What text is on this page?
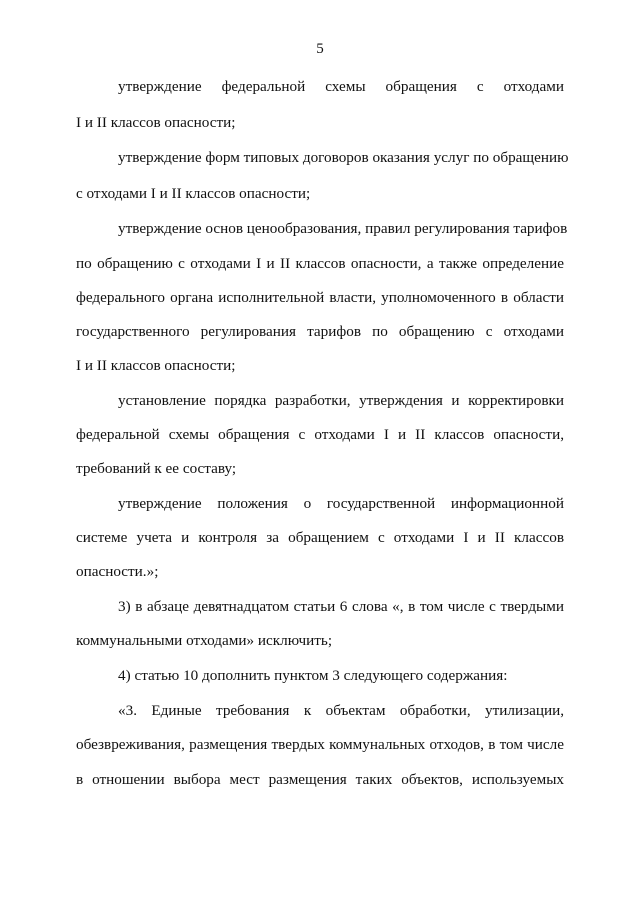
5
утверждение федеральной схемы обращения с отходами
I и II классов опасности;
утверждение форм типовых договоров оказания услуг по обращению
с отходами I и II классов опасности;
утверждение основ ценообразования, правил регулирования тарифов
по обращению с отходами I и II классов опасности, а также определение
федерального органа исполнительной власти, уполномоченного в области
государственного регулирования тарифов по обращению с отходами
I и II классов опасности;
установление порядка разработки, утверждения и корректировки
федеральной схемы обращения с отходами I и II классов опасности,
требований к ее составу;
утверждение положения о государственной информационной
системе учета и контроля за обращением с отходами I и II классов
опасности.»;
3) в абзаце девятнадцатом статьи 6 слова «, в том числе с твердыми
коммунальными отходами» исключить;
4) статью 10 дополнить пунктом 3 следующего содержания:
«3. Единые требования к объектам обработки, утилизации,
обезвреживания, размещения твердых коммунальных отходов, в том числе
в отношении выбора мест размещения таких объектов, используемых
